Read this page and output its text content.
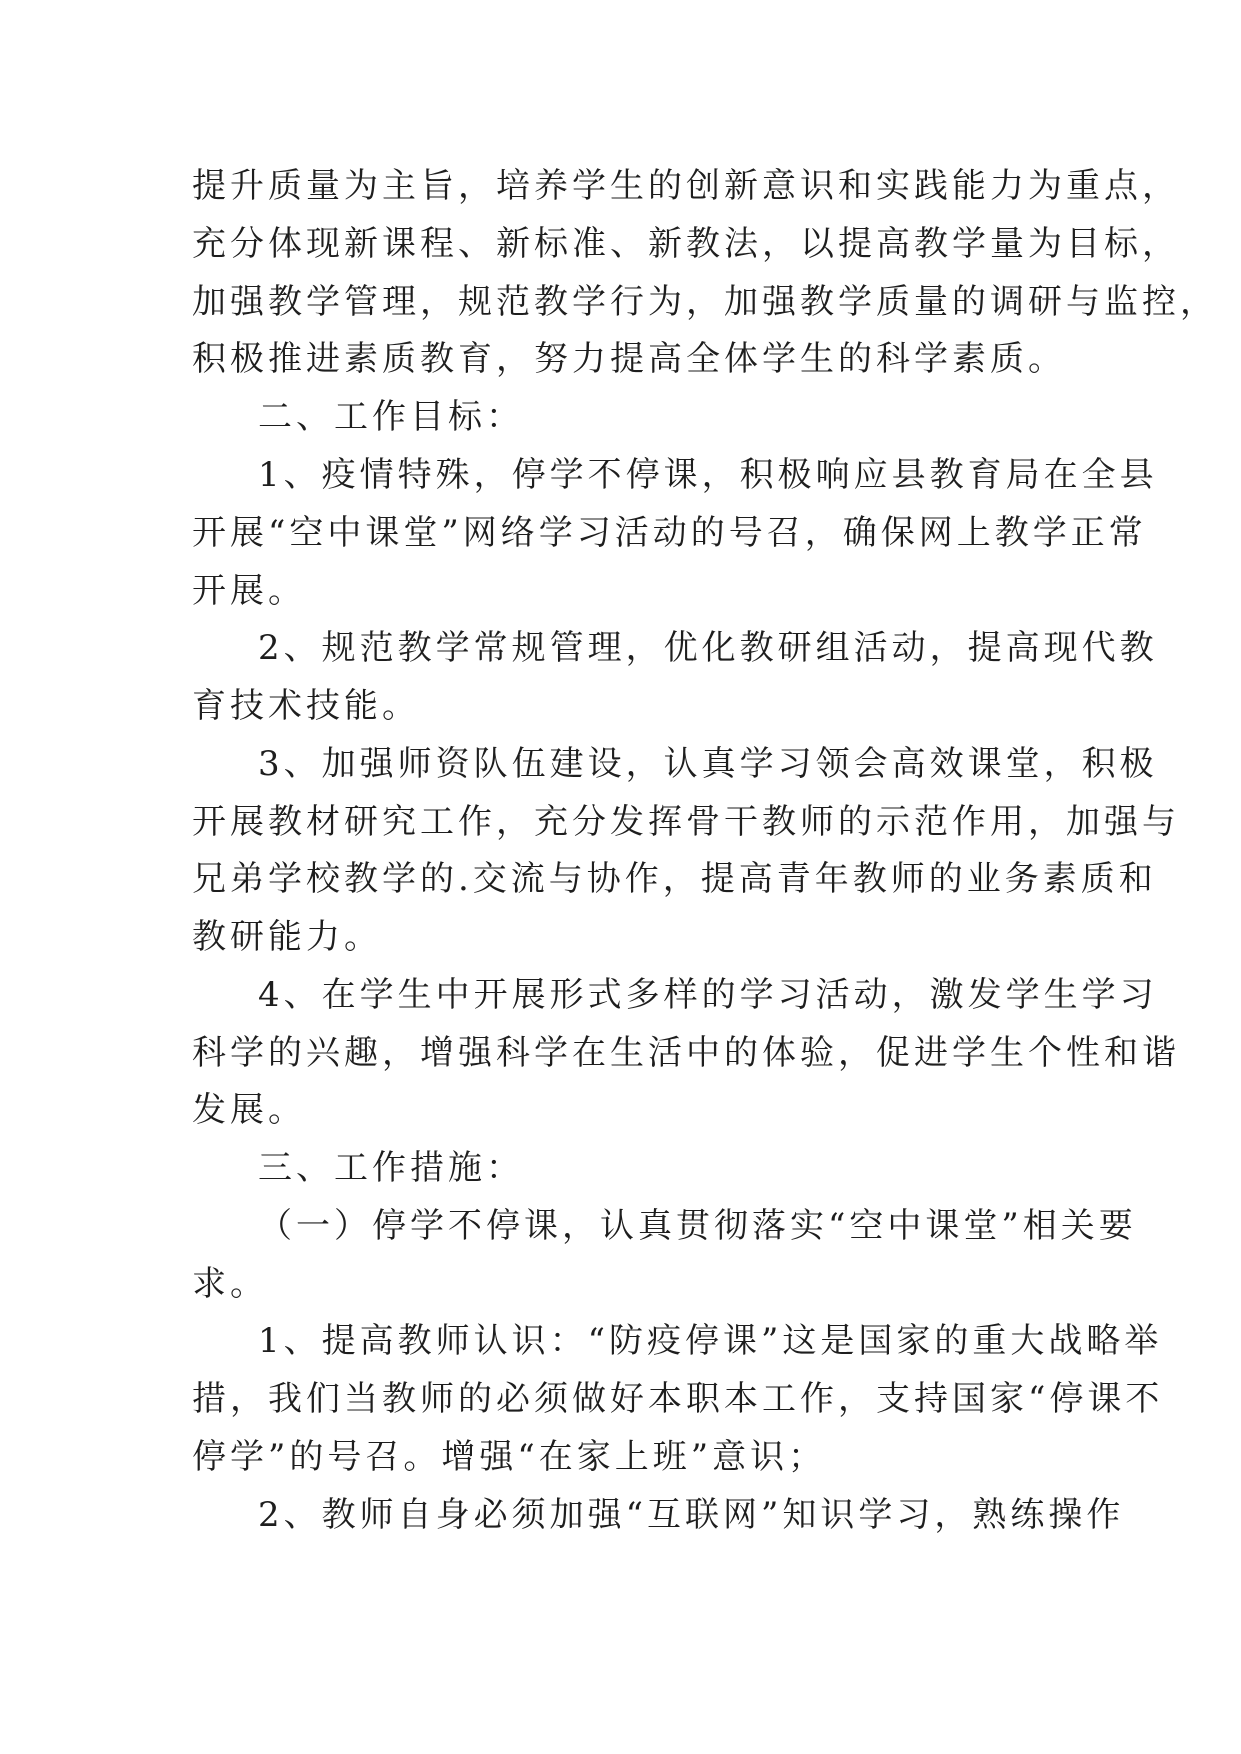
提升质量为主旨，培养学生的创新意识和实践能力为重点，
充分体现新课程、新标准、新教法，以提高教学量为目标，
加强教学管理，规范教学行为，加强教学质量的调研与监控，
积极推进素质教育，努力提高全体学生的科学素质。
二、工作目标：
1、疫情特殊，停学不停课，积极响应县教育局在全县
开展“空中课堂”网络学习活动的号召，确保网上教学正常
开展。
2、规范教学常规管理，优化教研组活动，提高现代教
育技术技能。
3、加强师资队伍建设，认真学习领会高效课堂，积极
开展教材研究工作，充分发挥骨干教师的示范作用，加强与
兄弟学校教学的.交流与协作，提高青年教师的业务素质和
教研能力。
4、在学生中开展形式多样的学习活动，激发学生学习
科学的兴趣，增强科学在生活中的体验，促进学生个性和谐
发展。
三、工作措施：
（一）停学不停课，认真贯彻落实“空中课堂”相关要
求。
1、提高教师认识：“防疫停课”这是国家的重大战略举
措，我们当教师的必须做好本职本工作，支持国家“停课不
停学”的号召。增强“在家上班”意识；
2、教师自身必须加强“互联网”知识学习，熟练操作
